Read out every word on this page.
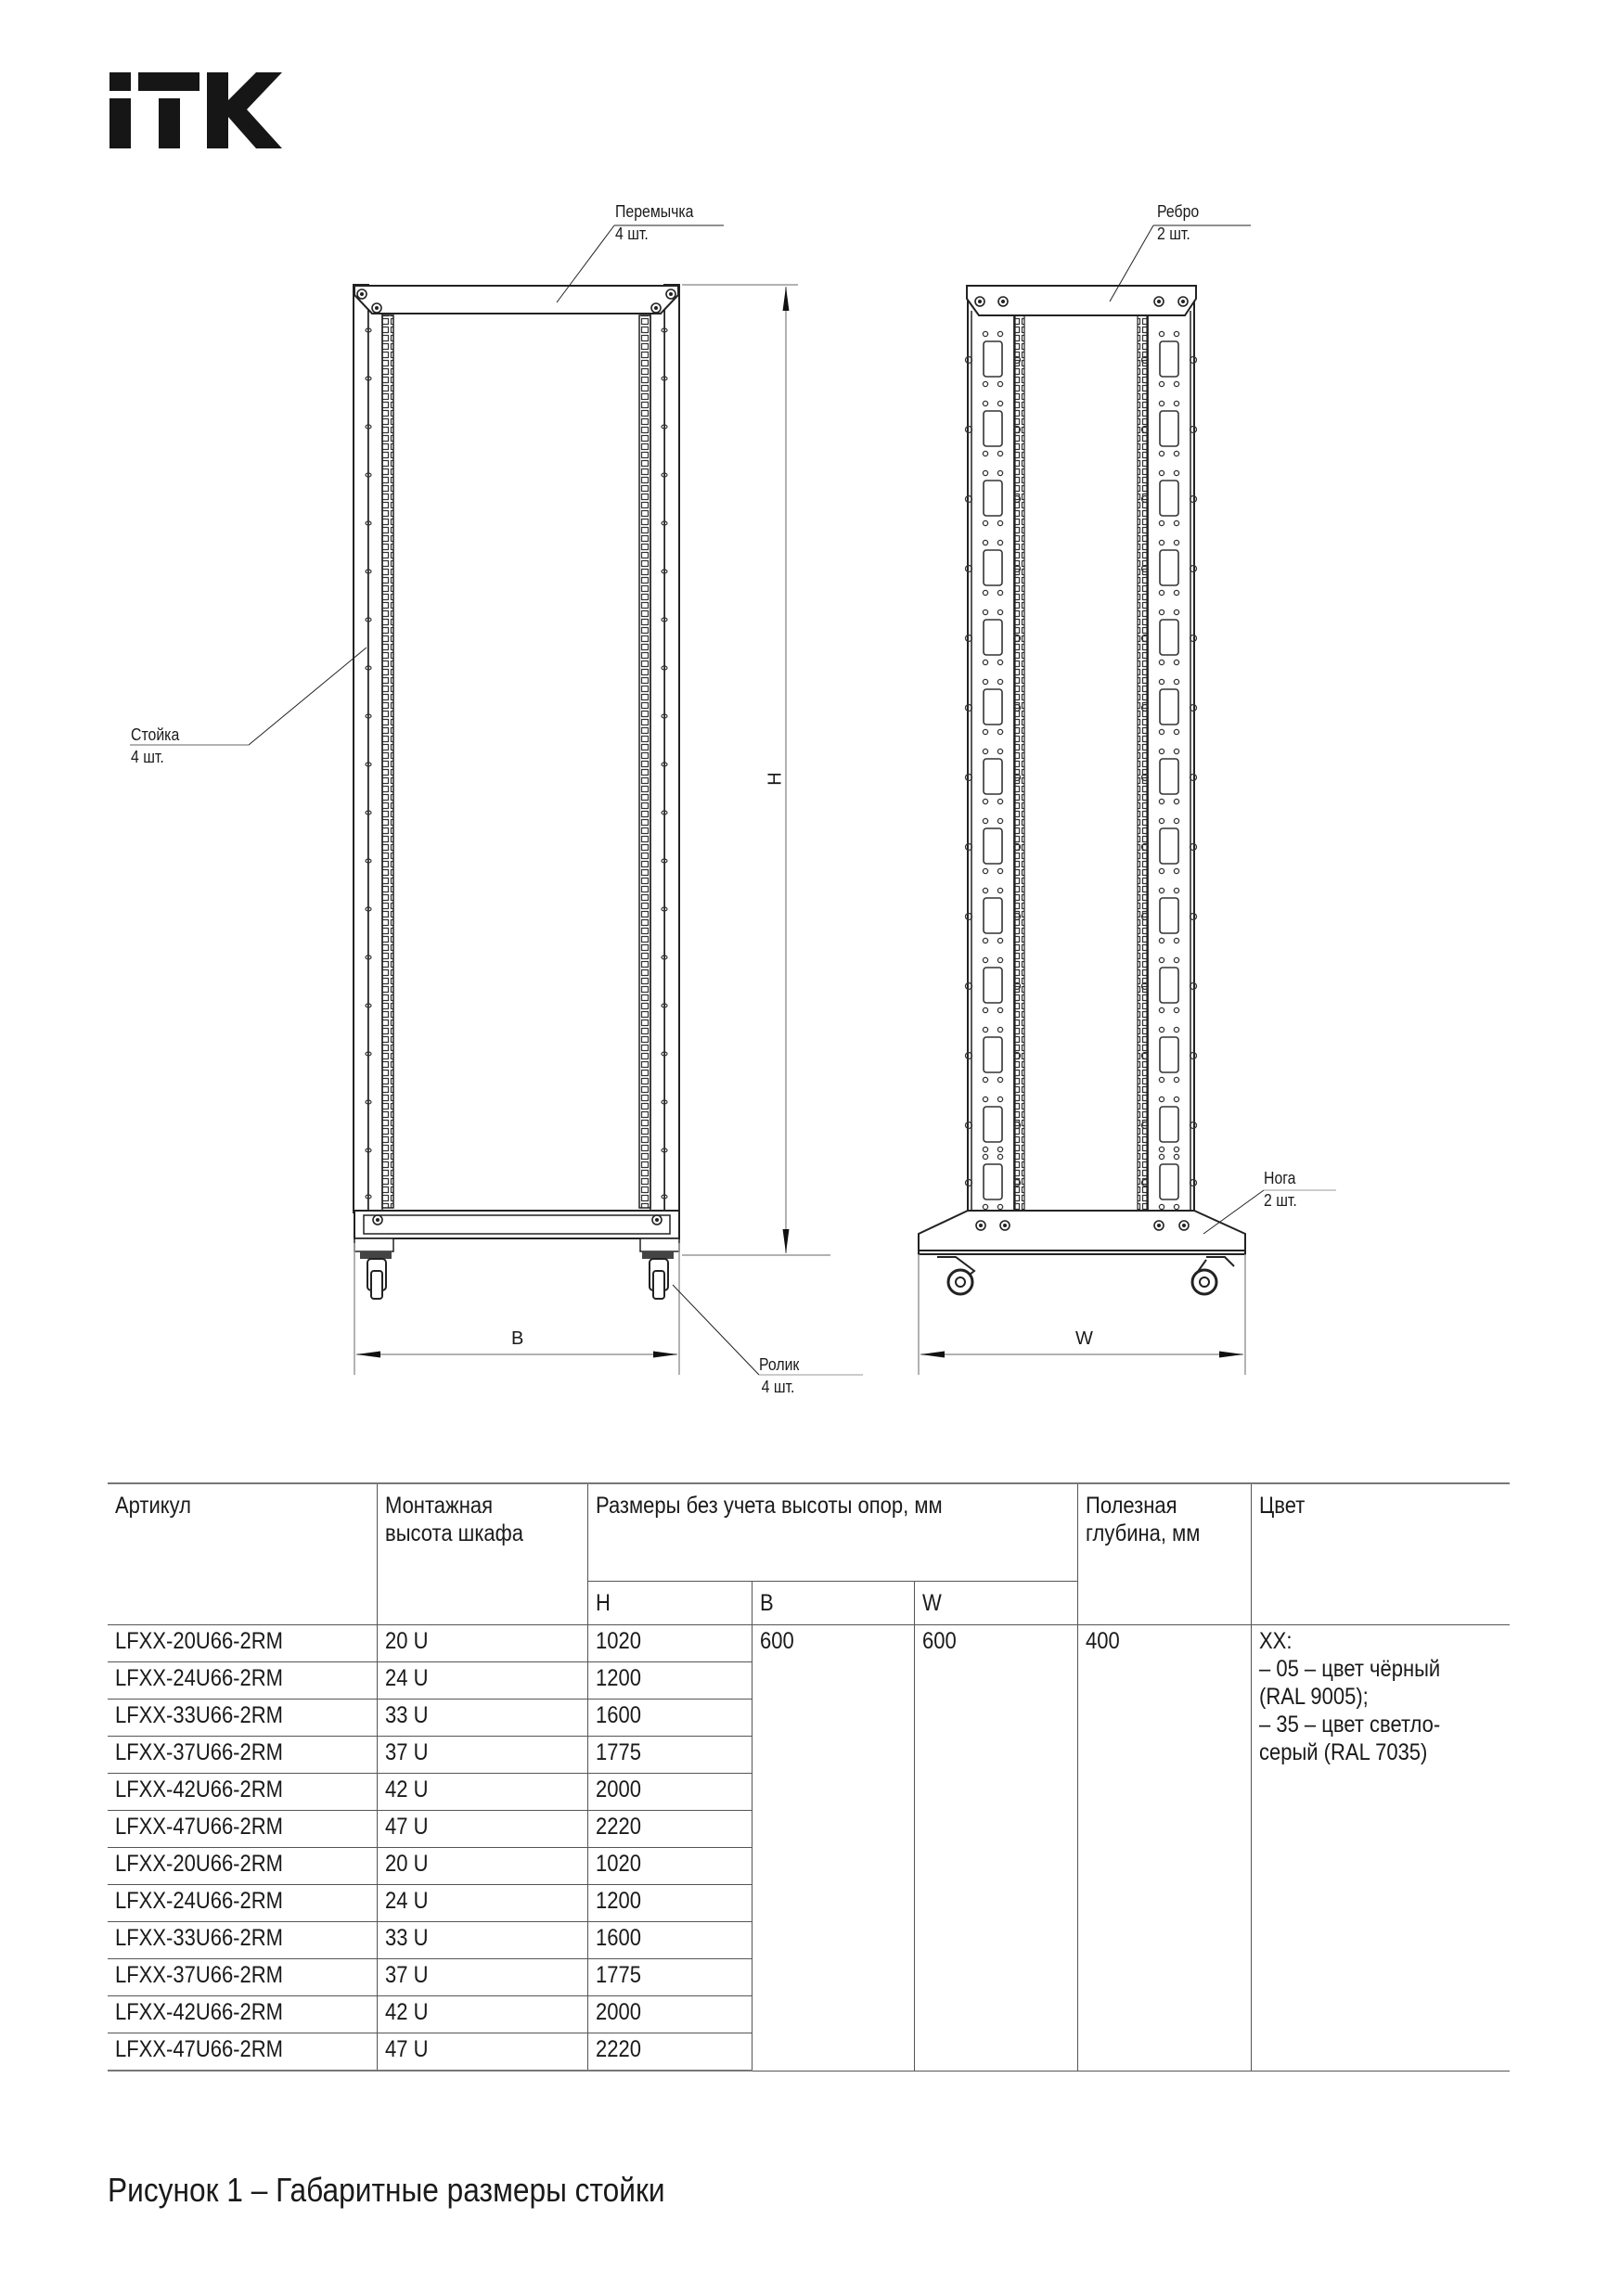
Перемычка
4 шт.
Стойка
4 шт.
Ролик
4 шт.
Ребро
2 шт.
Нога
2 шт.
B	W
H
Артикул	Монтажная высота шкафа	Размеры без учета высоты опор, мм			Полезная глубина, мм	Цвет
		H	B	W		
LFXX-20U66-2RM	20 U	1020	600	600	400	XX:
– 05 – цвет чёрный
(RAL 9005);
– 35 – цвет светло-
серый (RAL 7035)
LFXX-24U66-2RM	24 U	1200				
LFXX-33U66-2RM	33 U	1600				
LFXX-37U66-2RM	37 U	1775				
LFXX-42U66-2RM	42 U	2000				
LFXX-47U66-2RM	47 U	2220				
LFXX-20U66-2RM	20 U	1020				
LFXX-24U66-2RM	24 U	1200				
LFXX-33U66-2RM	33 U	1600				
LFXX-37U66-2RM	37 U	1775				
LFXX-42U66-2RM	42 U	2000				
LFXX-47U66-2RM	47 U	2220				
Рисунок 1 – Габаритные размеры стойки
